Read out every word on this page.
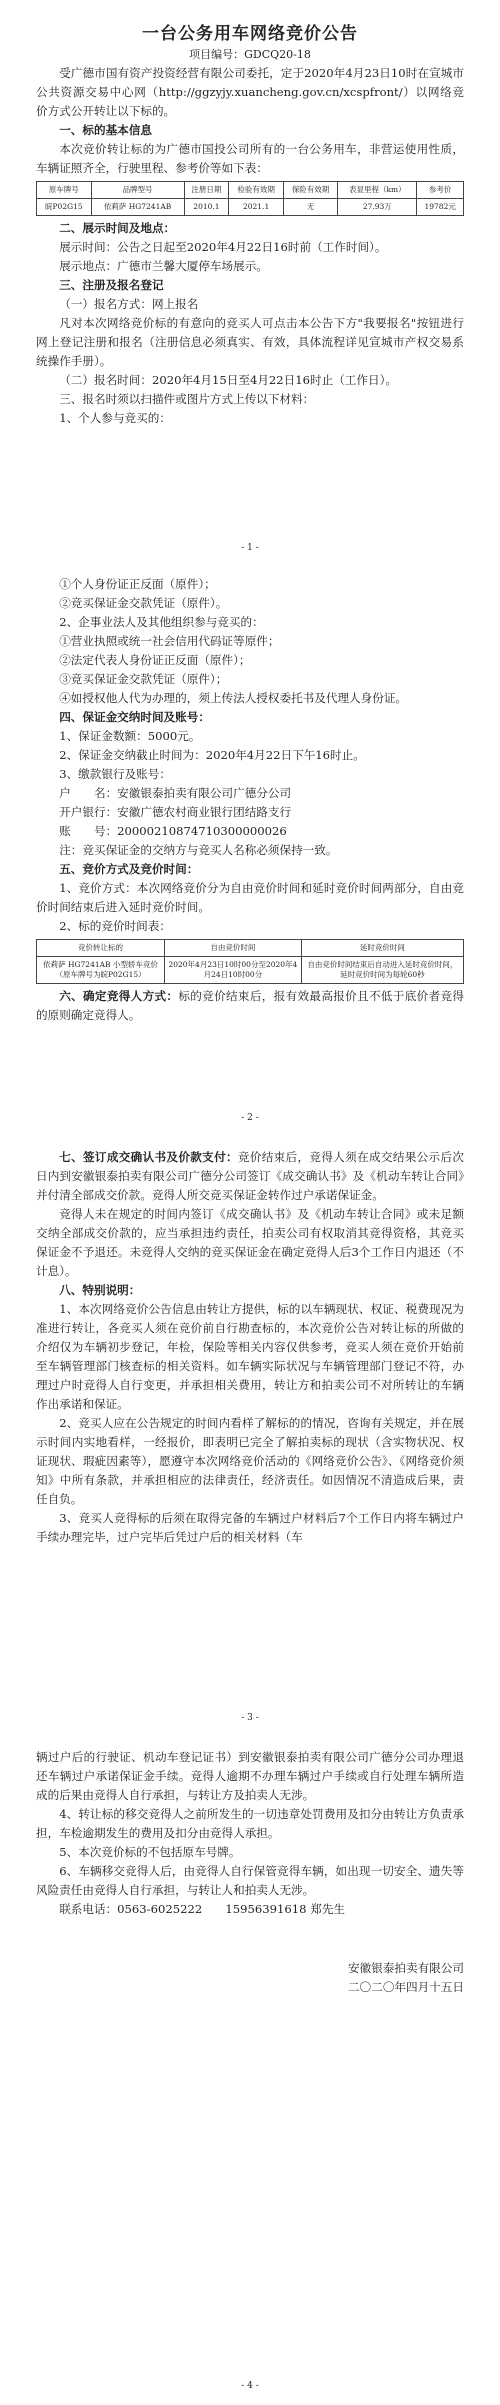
一台公务用车网络竞价公告
项目编号：GDCQ20-18

受广德市国有资产投资经营有限公司委托，定于2020年4月23日10时在宣城市公共资源交易中心网（http://ggzyjy.xuancheng.gov.cn/xcspfront/）以网络竞价方式公开转让以下标的。

一、标的基本信息

本次竞价转让标的为广德市国投公司所有的一台公务用车，非营运使用性质，车辆证照齐全，行驶里程、参考价等如下表：

原车牌号	品牌型号	注册日期	检验有效期	保险有效期	表显里程（km）	参考价
皖P02G15	依莉萨 HG7241AB	2010.1	2021.1	无	27.93万	19782元

二、展示时间及地点：

展示时间：公告之日起至2020年4月22日16时前（工作时间）。

展示地点：广德市兰馨大厦停车场展示。

三、注册及报名登记

（一）报名方式：网上报名

凡对本次网络竞价标的有意向的竞买人可点击本公告下方"我要报名"按钮进行网上登记注册和报名（注册信息必须真实、有效，具体流程详见宣城市产权交易系统操作手册）。

（二）报名时间：2020年4月15日至4月22日16时止（工作日）。

三、报名时须以扫描件或图片方式上传以下材料：

1、个人参与竞买的：

- 1 -

①个人身份证正反面（原件）；

②竞买保证金交款凭证（原件）。

2、企事业法人及其他组织参与竞买的：

①营业执照或统一社会信用代码证等原件；

②法定代表人身份证正反面（原件）；

③竞买保证金交款凭证（原件）；

④如授权他人代为办理的，须上传法人授权委托书及代理人身份证。

四、保证金交纳时间及账号：

1、保证金数额：5000元。

2、保证金交纳截止时间为：2020年4月22日下午16时止。

3、缴款银行及账号：

户　　名：安徽银泰拍卖有限公司广德分公司

开户银行：安徽广德农村商业银行团结路支行

账　　号：20000210874710300000026

注：竞买保证金的交纳方与竞买人名称必须保持一致。

五、竞价方式及竞价时间：

1、竞价方式：本次网络竞价分为自由竞价时间和延时竞价时间两部分，自由竞价时间结束后进入延时竞价时间。

2、标的竞价时间表：

竞价转让标的	自由竞价时间	延时竞价时间
依莉萨 HG7241AB 小型轿车竞价（原车牌号为皖P02G15）	2020年4月23日10时00分至2020年4月24日10时00分	自由竞价时间结束后自动进入延时竞价时间，延时竞价时间为每轮60秒

六、确定竞得人方式：标的竞价结束后，报有效最高报价且不低于底价者竞得的原则确定竞得人。

- 2 -

七、签订成交确认书及价款支付：竞价结束后，竞得人须在成交结果公示后次日内到安徽银泰拍卖有限公司广德分公司签订《成交确认书》及《机动车转让合同》并付清全部成交价款。竞得人所交竞买保证金转作过户承诺保证金。

竞得人未在规定的时间内签订《成交确认书》及《机动车转让合同》或未足额交纳全部成交价款的，应当承担违约责任，拍卖公司有权取消其竞得资格，其竞买保证金不予退还。未竞得人交纳的竞买保证金在确定竞得人后3个工作日内退还（不计息）。

八、特别说明：

1、本次网络竞价公告信息由转让方提供，标的以车辆现状、权证、税费现况为准进行转让，各竞买人须在竞价前自行勘查标的，本次竞价公告对转让标的所做的介绍仅为车辆初步登记，年检，保险等相关内容仅供参考，竞买人须在竞价开始前至车辆管理部门核查标的相关资料。如车辆实际状况与车辆管理部门登记不符，办理过户时竞得人自行变更，并承担相关费用，转让方和拍卖公司不对所转让的车辆作出承诺和保证。

2、竞买人应在公告规定的时间内看样了解标的的情况，咨询有关规定，并在展示时间内实地看样，一经报价，即表明已完全了解拍卖标的现状（含实物状况、权证现状、瑕疵因素等），愿遵守本次网络竞价活动的《网络竞价公告》、《网络竞价须知》中所有条款，并承担相应的法律责任，经济责任。如因情况不清造成后果，责任自负。

3、竞买人竞得标的后须在取得完备的车辆过户材料后7个工作日内将车辆过户手续办理完毕，过户完毕后凭过户后的相关材料（车

- 3 -

辆过户后的行驶证、机动车登记证书）到安徽银泰拍卖有限公司广德分公司办理退还车辆过户承诺保证金手续。竞得人逾期不办理车辆过户手续或自行处理车辆所造成的后果由竞得人自行承担，与转让方及拍卖人无涉。

4、转让标的移交竞得人之前所发生的一切违章处罚费用及扣分由转让方负责承担，车检逾期发生的费用及扣分由竞得人承担。

5、本次竞价标的不包括原车号牌。

6、车辆移交竞得人后，由竞得人自行保管竞得车辆，如出现一切安全、遗失等风险责任由竞得人自行承担，与转让人和拍卖人无涉。

联系电话：0563-6025222　　15956391618 郑先生

安徽银泰拍卖有限公司

二〇二〇年四月十五日

- 4 -
